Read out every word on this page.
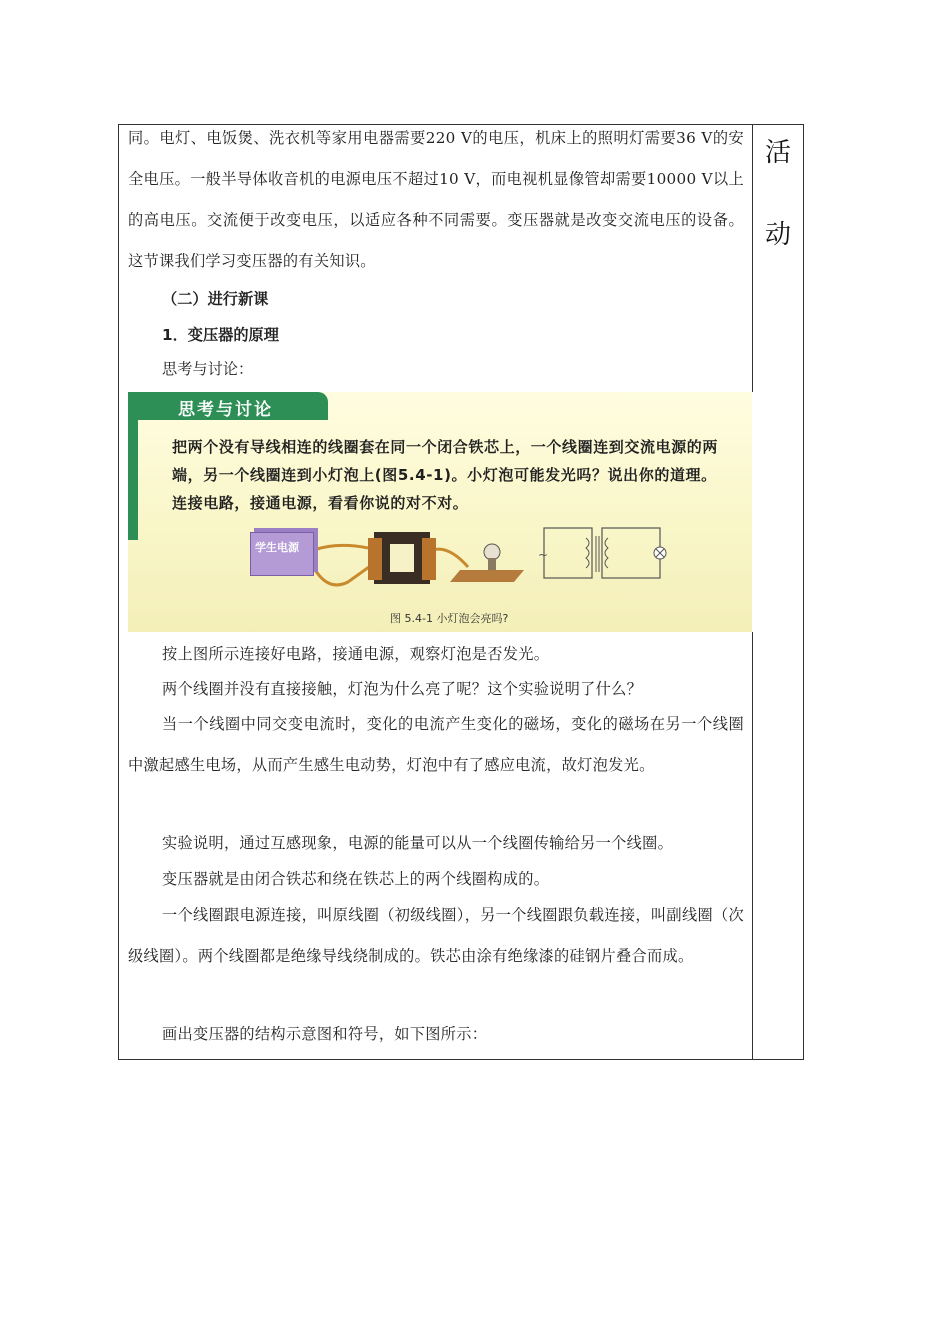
活
动

同。电灯、电饭煲、洗衣机等家用电器需要220 V的电压，机床上的照明灯需要36 V的安全电压。一般半导体收音机的电源电压不超过10 V，而电视机显像管却需要10000 V以上的高电压。交流便于改变电压，以适应各种不同需要。变压器就是改变交流电压的设备。这节课我们学习变压器的有关知识。

（二）进行新课

1．变压器的原理

思考与讨论：

思考与讨论
把两个没有导线相连的线圈套在同一个闭合铁芯上，一个线圈连到交流电源的两
端，另一个线圈连到小灯泡上(图5.4-1)。小灯泡可能发光吗？说出你的道理。
连接电路，接通电源，看看你说的对不对。
~
学生电源
图 5.4-1 小灯泡会亮吗?

按上图所示连接好电路，接通电源，观察灯泡是否发光。

两个线圈并没有直接接触，灯泡为什么亮了呢？这个实验说明了什么？

当一个线圈中同交变电流时，变化的电流产生变化的磁场，变化的磁场在另一个线圈中激起感生电场，从而产生感生电动势，灯泡中有了感应电流，故灯泡发光。

实验说明，通过互感现象，电源的能量可以从一个线圈传输给另一个线圈。

变压器就是由闭合铁芯和绕在铁芯上的两个线圈构成的。

一个线圈跟电源连接，叫原线圈（初级线圈），另一个线圈跟负载连接，叫副线圈（次级线圈）。两个线圈都是绝缘导线绕制成的。铁芯由涂有绝缘漆的硅钢片叠合而成。

画出变压器的结构示意图和符号，如下图所示：
